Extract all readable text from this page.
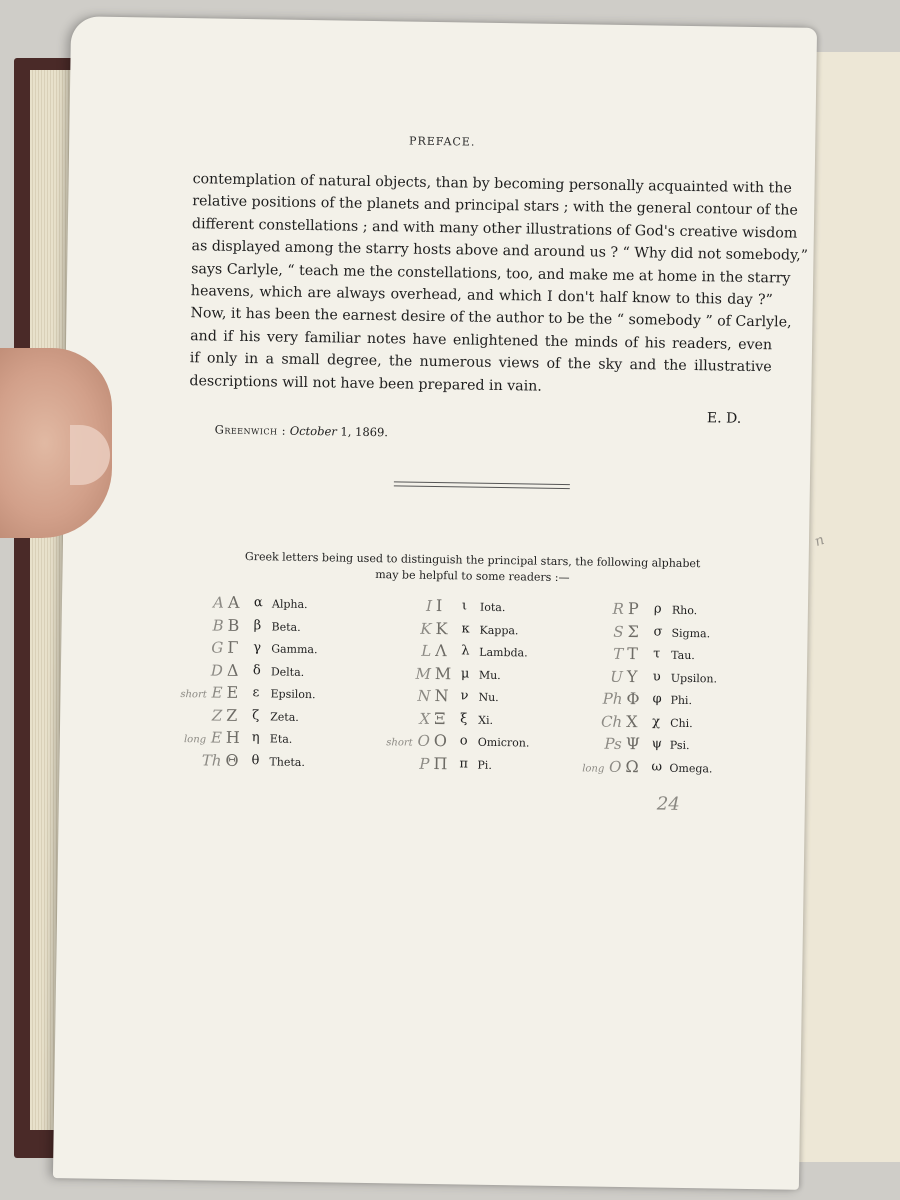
PREFACE.
contemplation of natural objects, than by becoming personally acquainted with the
relative positions of the planets and principal stars ; with the general contour of the
different constellations ; and with many other illustrations of God's creative wisdom
as displayed among the starry hosts above and around us ? “ Why did not somebody,”
says Carlyle, “ teach me the constellations, too, and make me at home in the starry
heavens, which are always overhead, and which I don't half know to this day ?”
Now, it has been the earnest desire of the author to be the “ somebody ” of Carlyle,
and if his very familiar notes have enlightened the minds of his readers, even
if only in a small degree, the numerous views of the sky and the illustrative
descriptions will not have been prepared in vain.
E. D.
Greenwich : October 1, 1869.
Greek letters being used to distinguish the principal stars, the following alphabet
may be helpful to some readers :—
A A α Alpha.
B B β Beta.
G Γ γ Gamma.
D Δ δ Delta.
short E E ε Epsilon.
Z Z ζ Zeta.
long E H η Eta.
Th Θ θ Theta.
I I ι Iota.
K K κ Kappa.
L Λ λ Lambda.
M M μ Mu.
N N ν Nu.
X Ξ ξ Xi.
short O O o Omicron.
P Π π Pi.
R P ρ Rho.
S Σ σ Sigma.
T T τ Tau.
U Υ υ Upsilon.
Ph Φ φ Phi.
Ch X χ Chi.
Ps Ψ ψ Psi.
long O Ω ω Omega.
24
n
